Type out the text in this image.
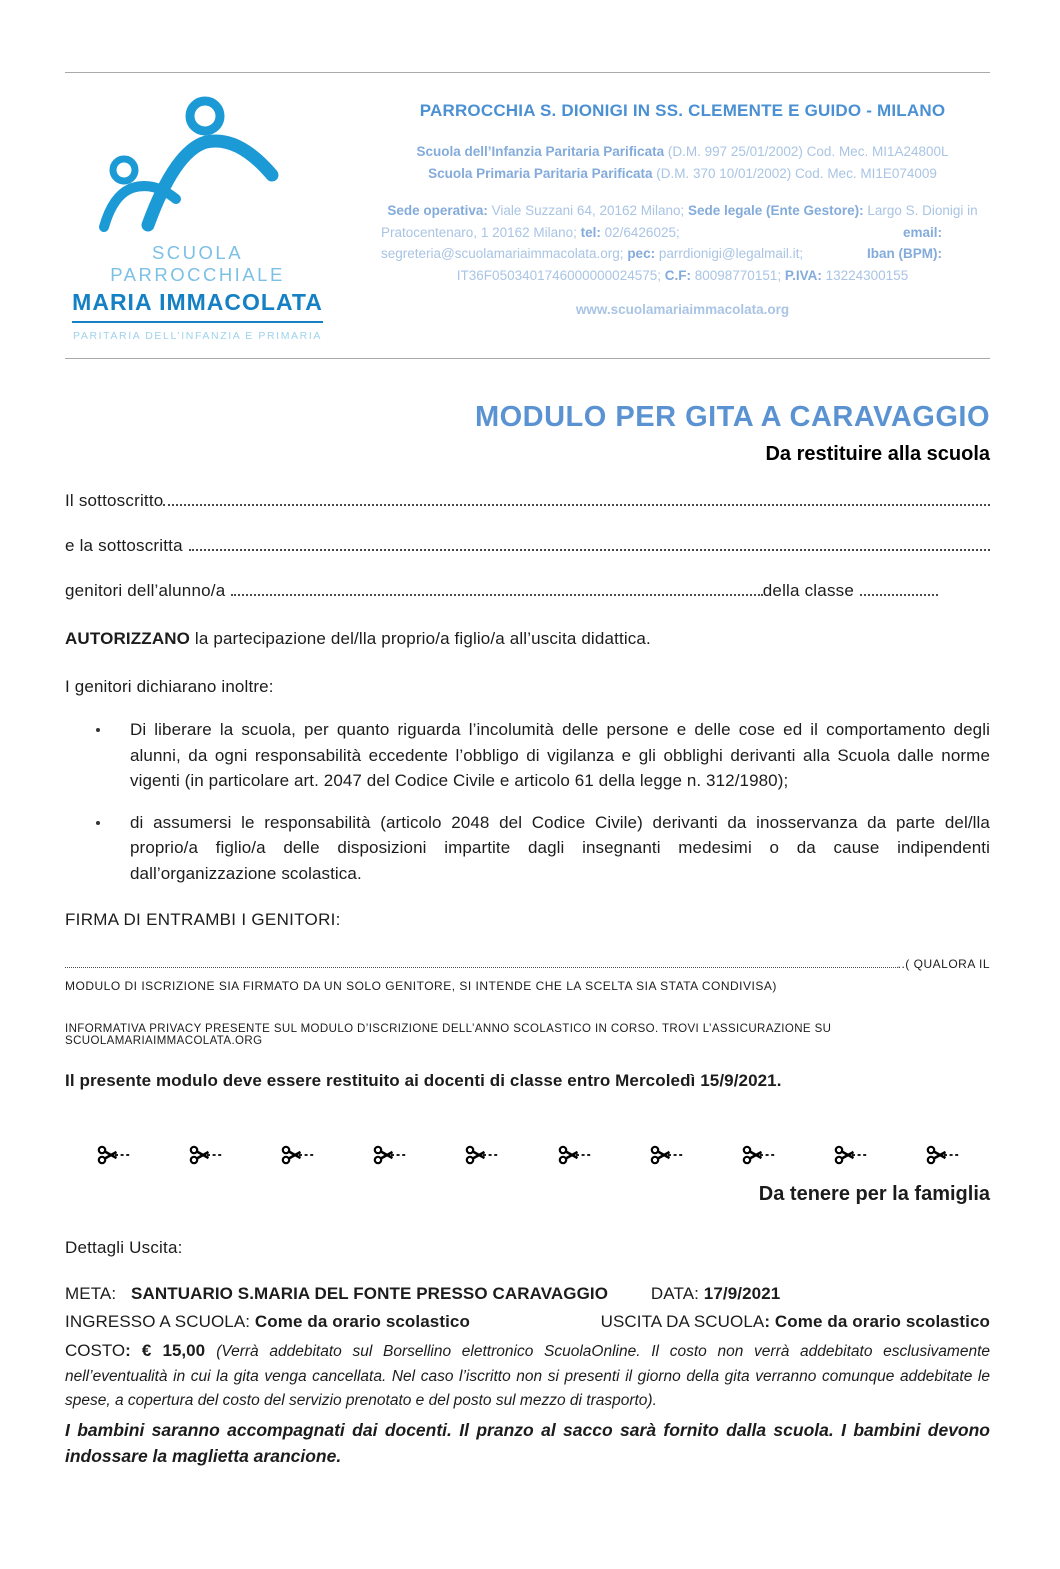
SCUOLA PARROCCHIALE
MARIA IMMACOLATA
PARITARIA DELL’INFANZIA E PRIMARIA
PARROCCHIA S. DIONIGI IN SS. CLEMENTE E GUIDO - MILANO
Scuola dell’Infanzia Paritaria Parificata (D.M. 997 25/01/2002) Cod. Mec. MI1A24800L
Scuola Primaria Paritaria Parificata (D.M. 370 10/01/2002) Cod. Mec. MI1E074009
Sede operativa: Viale Suzzani 64, 20162 Milano; Sede legale (Ente Gestore): Largo S. Dionigi in
Pratocentenaro, 1 20162 Milano; tel: 02/6426025;	email:
segreteria@scuolamariaimmacolata.org; pec: parrdionigi@legalmail.it;	Iban (BPM):
IT36F0503401746000000024575; C.F: 80098770151; P.IVA: 13224300155
www.scuolamariaimmacolata.org
MODULO PER GITA A CARAVAGGIO
Da restituire alla scuola
Il sottoscritto
e la sottoscritta
genitori dell’alunno/a	della classe
AUTORIZZANO la partecipazione del/lla proprio/a figlio/a all’uscita didattica.
I genitori dichiarano inoltre:
Di liberare la scuola, per quanto riguarda l’incolumità delle persone e delle cose ed il comportamento degli alunni, da ogni responsabilità eccedente l’obbligo di vigilanza e gli obblighi derivanti alla Scuola dalle norme vigenti (in particolare art. 2047 del Codice Civile e articolo 61 della legge n. 312/1980);
di assumersi le responsabilità (articolo 2048 del Codice Civile) derivanti da inosservanza da parte del/lla proprio/a figlio/a delle disposizioni impartite dagli insegnanti medesimi o da cause indipendenti dall’organizzazione scolastica.
FIRMA DI ENTRAMBI I GENITORI:
..( QUALORA IL
MODULO DI ISCRIZIONE SIA FIRMATO DA UN SOLO GENITORE, SI INTENDE CHE LA SCELTA SIA STATA CONDIVISA)
INFORMATIVA PRIVACY PRESENTE SUL MODULO D’ISCRIZIONE DELL’ANNO SCOLASTICO IN CORSO. TROVI L’ASSICURAZIONE SU SCUOLAMARIAIMMACOLATA.ORG
Il presente modulo deve essere restituito ai docenti di classe entro Mercoledì 15/9/2021.
Da tenere per la famiglia
Dettagli Uscita:
META: SANTUARIO S.MARIA DEL FONTE PRESSO CARAVAGGIO	DATA: 17/9/2021
INGRESSO A SCUOLA: Come da orario scolastico	USCITA DA SCUOLA: Come da orario scolastico
COSTO: € 15,00 (Verrà addebitato sul Borsellino elettronico ScuolaOnline. Il costo non verrà addebitato esclusivamente nell’eventualità in cui la gita venga cancellata. Nel caso l’iscritto non si presenti il giorno della gita verranno comunque addebitate le spese, a copertura del costo del servizio prenotato e del posto sul mezzo di trasporto).
I bambini saranno accompagnati dai docenti. Il pranzo al sacco sarà fornito dalla scuola. I bambini devono indossare la maglietta arancione.
